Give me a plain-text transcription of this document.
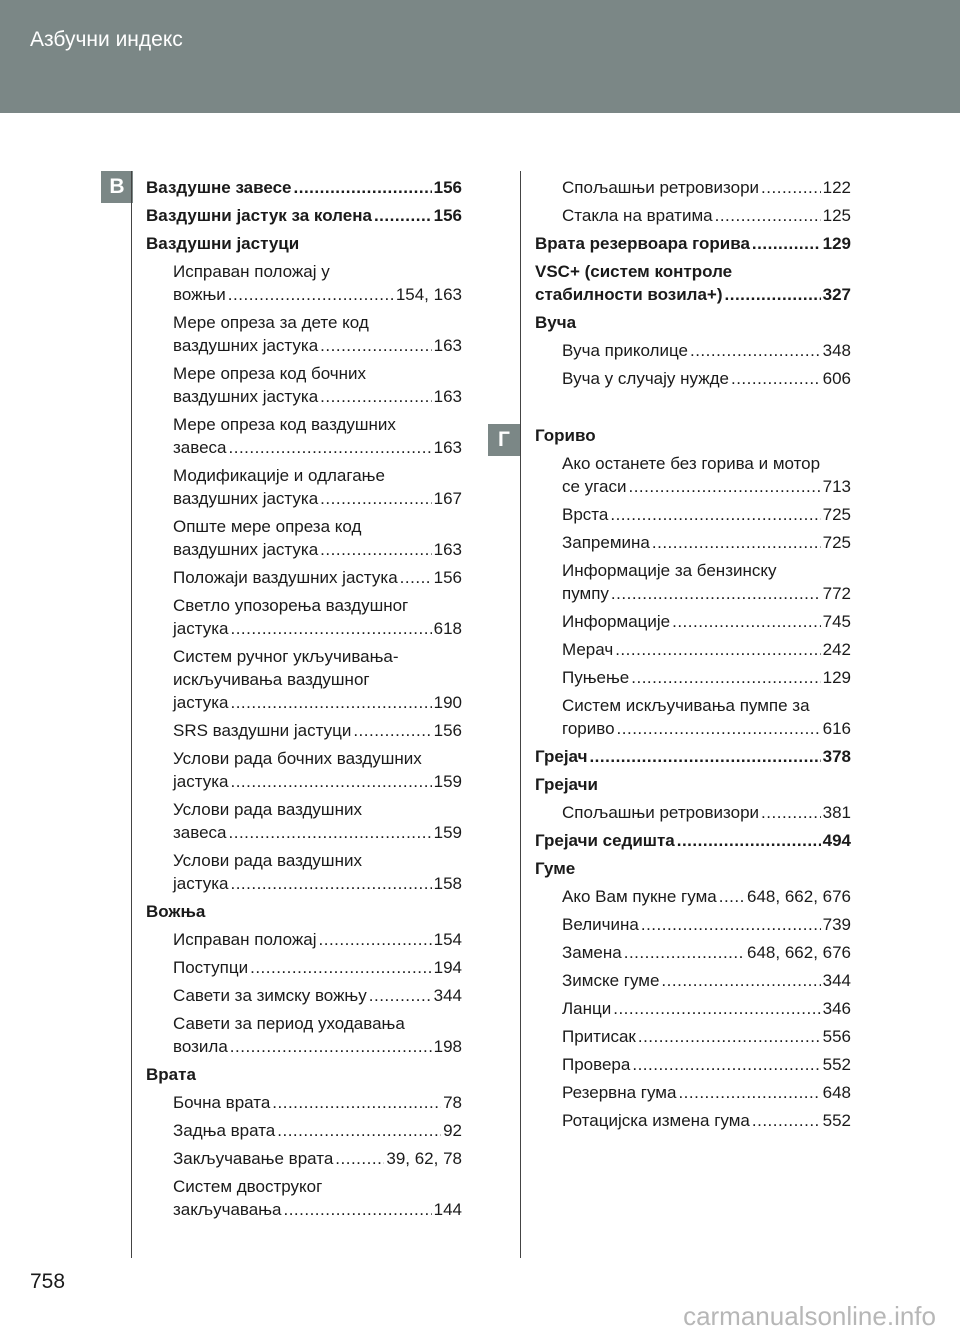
Азбучни индекс
В
Г
Ваздушне завесе .....	156
Ваздушни јастук за колена .....	156
Ваздушни јастуци
Исправан положај у
вожњи .....	154, 163
Мере опреза за дете код
ваздушних јастука .....	163
Мере опреза код бочних
ваздушних јастука .....	163
Мере опреза код ваздушних
завеса .....	163
Модификације и одлагање
ваздушних јастука .....	167
Опште мере опреза код
ваздушних јастука .....	163
Положаји ваздушних јастука ..... 156
Светло упозорења ваздушног
јастука .....	618
Систем ручног укључивања-
искључивања ваздушног
јастука .....	190
SRS ваздушни јастуци .....	156
Услови рада бочних ваздушних
јастука .....	159
Услови рада ваздушних
завеса .....	159
Услови рада ваздушних
јастука .....	158
Вожња
Исправан положај .....	154
Поступци .....	194
Савети за зимску вожњу .....	344
Савети за период уходавања
возила .....	198
Врата
Бочна врата .....	78
Задња врата .....	92
Закључавање врата .....	39, 62, 78
Систем двоструког
закључавања .....	144
Спољашњи ретровизори .....	122
Стакла на вратима .....	125
Врата резервоара горива .....	129
VSC+ (систем контроле
стабилности возила+) .....	327
Вуча
Вуча приколице .....	348
Вуча у случају нужде .....	606
Гориво
Ако останете без горива и мотор
се угаси .....	713
Врста .....	725
Запремина .....	725
Информације за бензинску
пумпу .....	772
Информације .....	745
Мерач .....	242
Пуњење .....	129
Систем искључивања пумпе за
гориво .....	616
Грејач .....	378
Грејачи
Спољашњи ретровизори .....	381
Грејачи седишта .....	494
Гуме
Ако Вам пукне гума ..... 648, 662, 676
Величина .....	739
Замена .....	648, 662, 676
Зимске гуме .....	344
Ланци .....	346
Притисак .....	556
Провера .....	552
Резервна гума .....	648
Ротацијска измена гума .....	552
758
carmanualsonline.info
